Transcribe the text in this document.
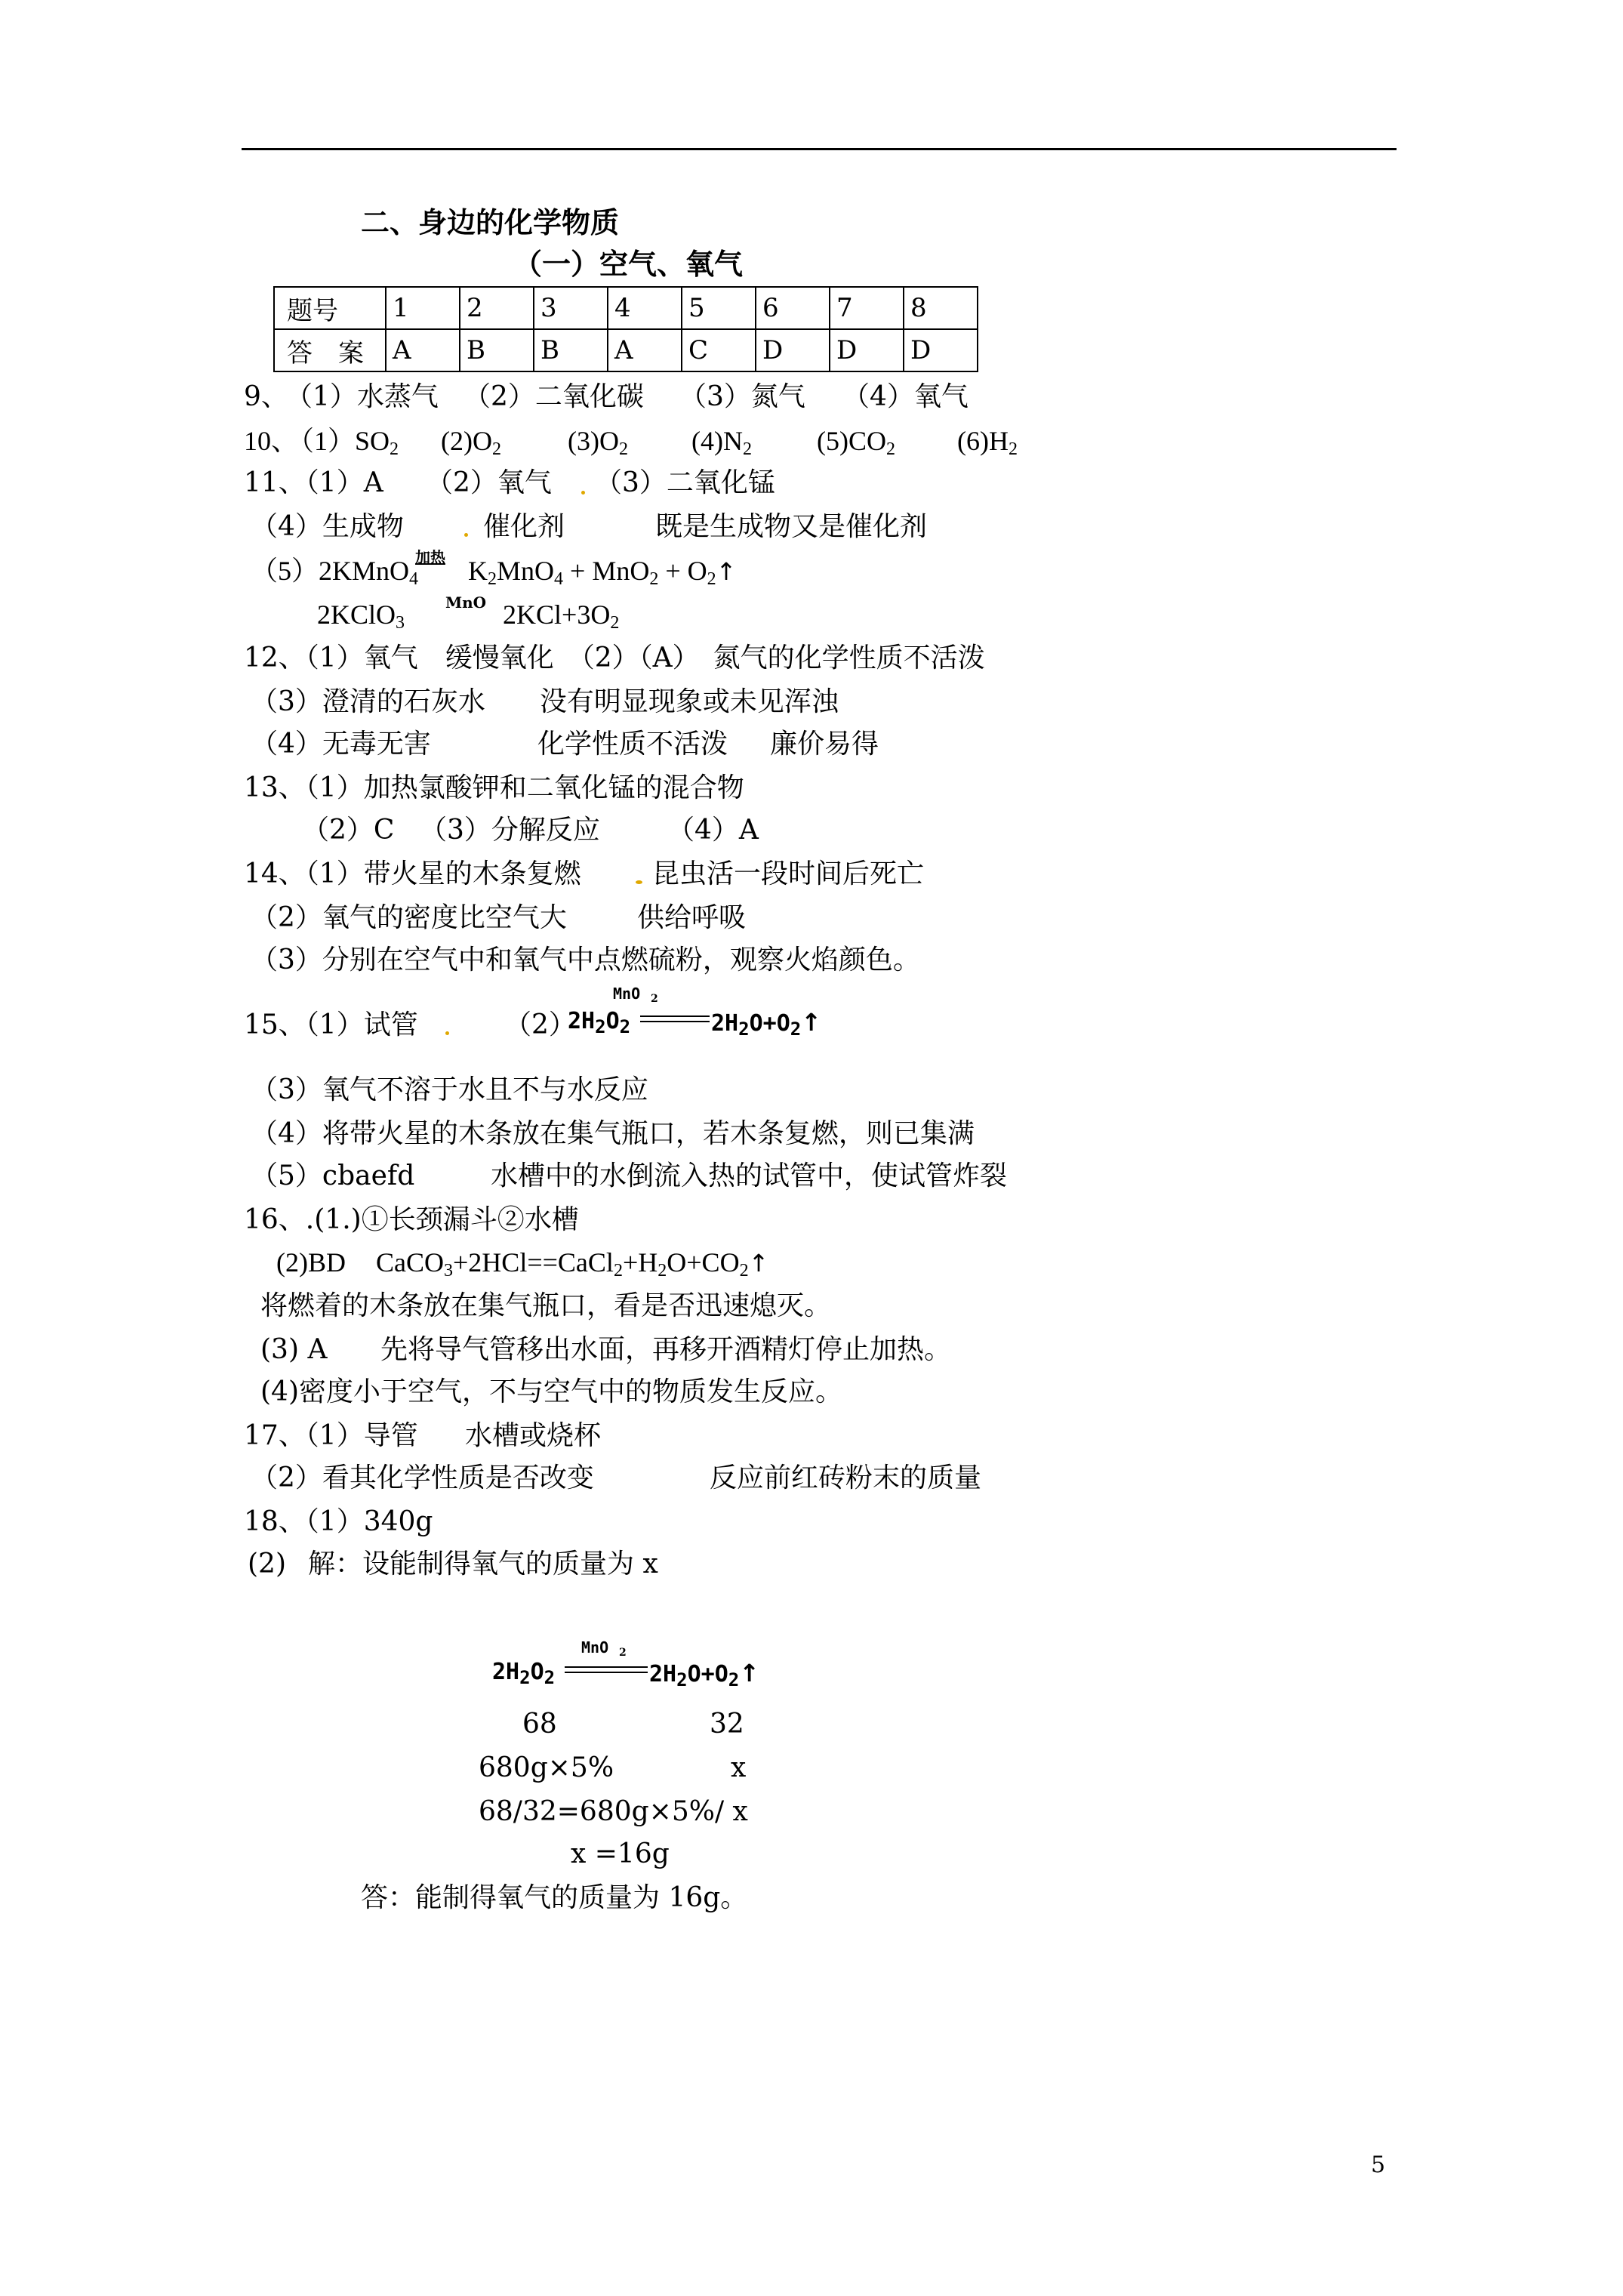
二、身边的化学物质
（一）空气、氧气
题号	1	2	3	4	5	6	7	8
答　案	A	B	B	A	C	D	D	D
9、
（1）水蒸气 （2）二氧化碳 （3）氮气 （4）氧气
10、
$(1)SO_2$ $(2)O_2$ $(3)O_2$ $(4)N_2$ $(5)CO_2$ $(6)H_2$
11、（1）A （2）氧气 （3）二氧化锰
（4）生成物	催化剂	既是生成物又是催化剂
（5）2KMnO$_4$
加热 $K_2MnO_4 + MnO_2$ + $O_2↑$
2KClO$_3$
MnO $2KCl+3O_2$
12、（1）氧气　缓慢氧化　（2）（A）　氮气的化学性质不活泼
（3）澄清的石灰水　　没有明显现象或未见浑浊
（4）无毒无害	化学性质不活泼 廉价易得
13、（1）加热氯酸钾和二氧化锰的混合物
（2）C （3）分解反应 （4）A
14、（1）带火星的木条复燃	昆虫活一段时间后死亡
（2）氧气的密度比空气大	供给呼吸
（3）分别在空气中和氧气中点燃硫粉，观察火焰颜色。
15、（1）试管	（2）
MnO 2
$2H_2O_2$	$2H_2O+O_2↑$
（3）氧气不溶于水且不与水反应
（4）将带火星的木条放在集气瓶口，若木条复燃，则已集满
（5）cbaefd	水槽中的水倒流入热的试管中，使试管炸裂
16、.(1.)①长颈漏斗②水槽
(2)BD $CaCO_3+2HCl==CaCl_2+H_2O+CO_2↑$
将燃着的木条放在集气瓶口，看是否迅速熄灭。
(3) A 先将导气管移出水面，再移开酒精灯停止加热。
(4)密度小于空气，不与空气中的物质发生反应。
17、（1）导管 水槽或烧杯
（2）看其化学性质是否改变	反应前红砖粉末的质量
18、（1）340g
(2) 解：设能制得氧气的质量为 x
MnO 2
$2H_2O_2$	$2H_2O+O_2↑$
68	32
680g×5%	x
68/32=680g×5%/ x
x =16g
答：能制得氧气的质量为 16g。
5
